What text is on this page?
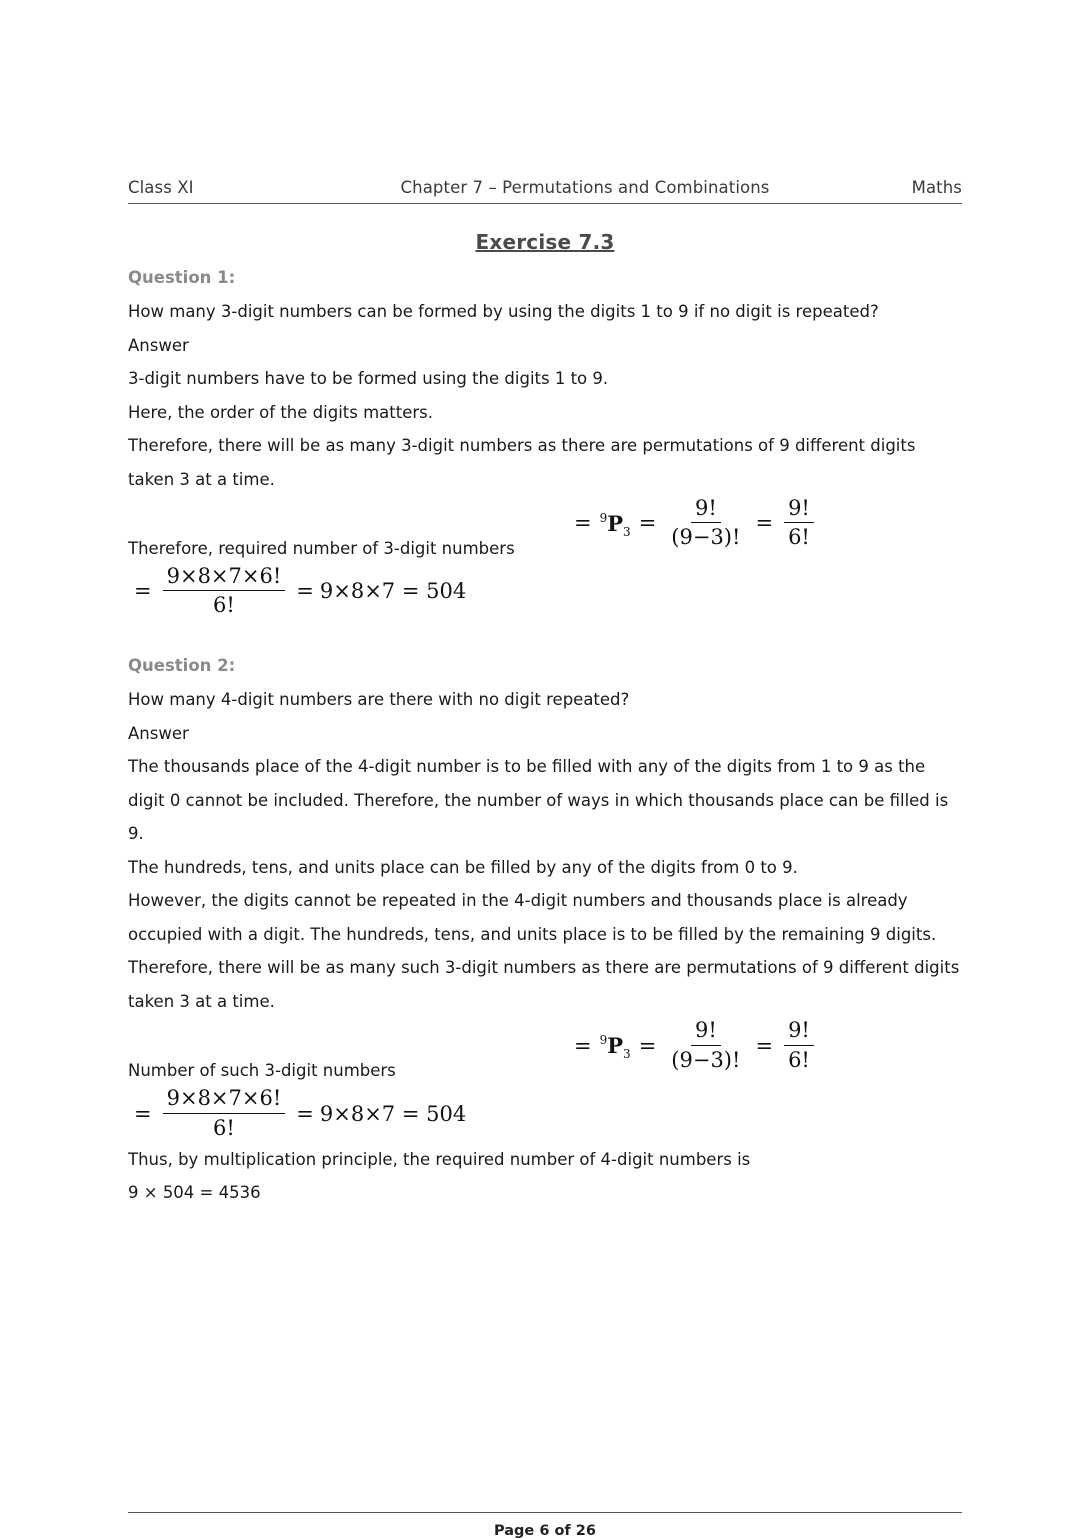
Class XI	Chapter 7 – Permutations and Combinations	Maths
Exercise 7.3
Question 1:

How many 3-digit numbers can be formed by using the digits 1 to 9 if no digit is repeated?

Answer

3-digit numbers have to be formed using the digits 1 to 9.

Here, the order of the digits matters.

Therefore, there will be as many 3-digit numbers as there are permutations of 9 different digits taken 3 at a time.

Therefore, required number of 3-digit numbers
= 9 P $3 = \frac{9!}{(9-3)!} = \frac{9!}{6!}$
= $\frac{9\times 8\times 7\times 6!}{6!} = 9\times 8\times 7 = 504$
Question 2:

How many 4-digit numbers are there with no digit repeated?

Answer

The thousands place of the 4-digit number is to be filled with any of the digits from 1 to 9 as the digit 0 cannot be included. Therefore, the number of ways in which thousands place can be filled is 9.

The hundreds, tens, and units place can be filled by any of the digits from 0 to 9.

However, the digits cannot be repeated in the 4-digit numbers and thousands place is already occupied with a digit. The hundreds, tens, and units place is to be filled by the remaining 9 digits.

Therefore, there will be as many such 3-digit numbers as there are permutations of 9 different digits taken 3 at a time.

Number of such 3-digit numbers
= 9 P $3 = \frac{9!}{(9-3)!} = \frac{9!}{6!}$
= $\frac{9\times 8\times 7\times 6!}{6!} = 9\times 8\times 7 = 504$

Thus, by multiplication principle, the required number of 4-digit numbers is

9 × 504 = 4536

Page 6 of 26
